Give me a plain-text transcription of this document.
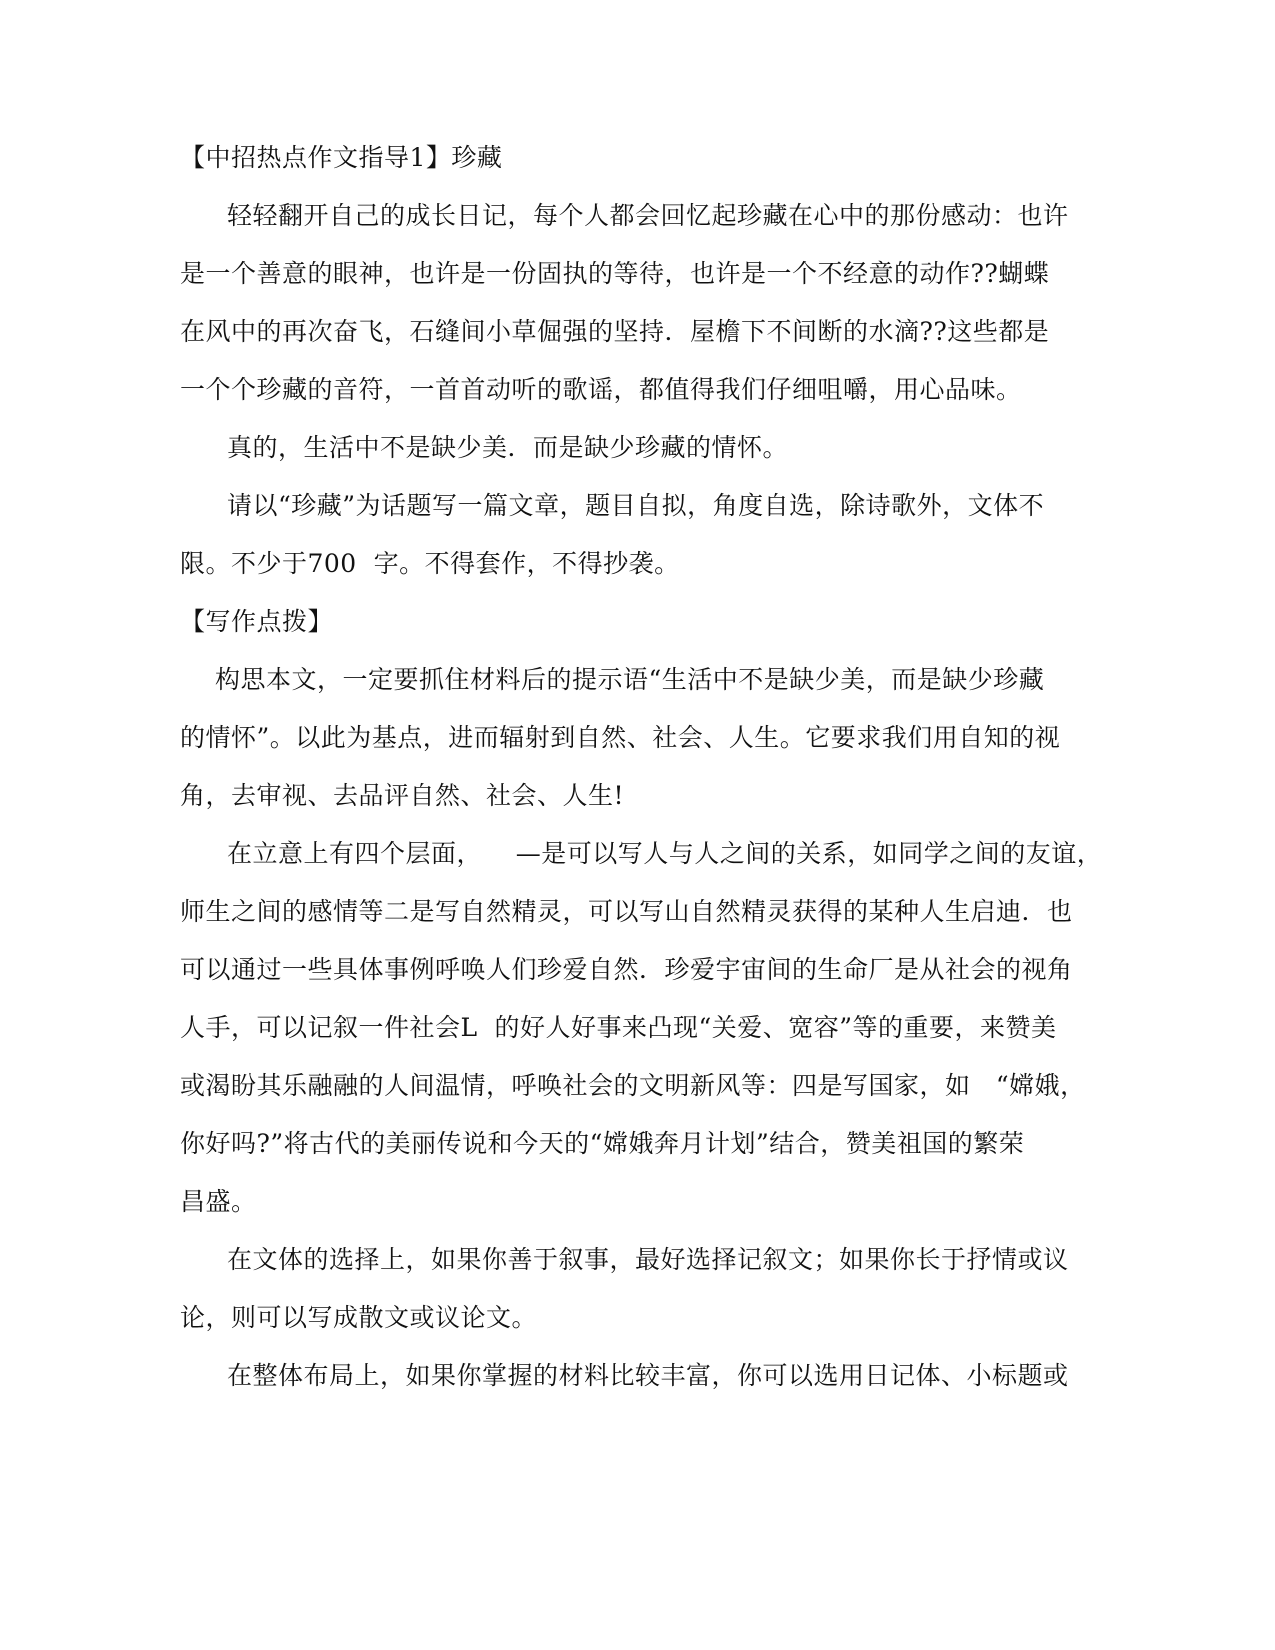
【中招热点作文指导1】珍藏
轻轻翻开自己的成长日记，每个人都会回忆起珍藏在心中的那份感动：也许
是一个善意的眼神，也许是一份固执的等待，也许是一个不经意的动作??蝴蝶
在风中的再次奋飞，石缝间小草倔强的坚持．屋檐下不间断的水滴??这些都是
一个个珍藏的音符，一首首动听的歌谣，都值得我们仔细咀嚼，用心品味。
真的，生活中不是缺少美．而是缺少珍藏的情怀。
请以“珍藏”为话题写一篇文章，题目自拟，角度自选，除诗歌外，文体不
限。不少于700  字。不得套作，不得抄袭。
【写作点拨】
构思本文，一定要抓住材料后的提示语“生活中不是缺少美，而是缺少珍藏
的情怀”。以此为基点，进而辐射到自然、社会、人生。它要求我们用自知的视
角，去审视、去品评自然、社会、人生!
在立意上有四个层面，    —是可以写人与人之间的关系，如同学之间的友谊，
师生之间的感情等二是写自然精灵，可以写山自然精灵获得的某种人生启迪．也
可以通过一些具体事例呼唤人们珍爱自然．珍爱宇宙间的生命厂是从社会的视角
人手，可以记叙一件社会L  的好人好事来凸现“关爱、宽容”等的重要，来赞美
或渴盼其乐融融的人间温情，呼唤社会的文明新风等：四是写国家，如   “嫦娥，
你好吗?”将古代的美丽传说和今天的“嫦娥奔月计划”结合，赞美祖国的繁荣
昌盛。
在文体的选择上，如果你善于叙事，最好选择记叙文；如果你长于抒情或议
论，则可以写成散文或议论文。
在整体布局上，如果你掌握的材料比较丰富，你可以选用日记体、小标题或
